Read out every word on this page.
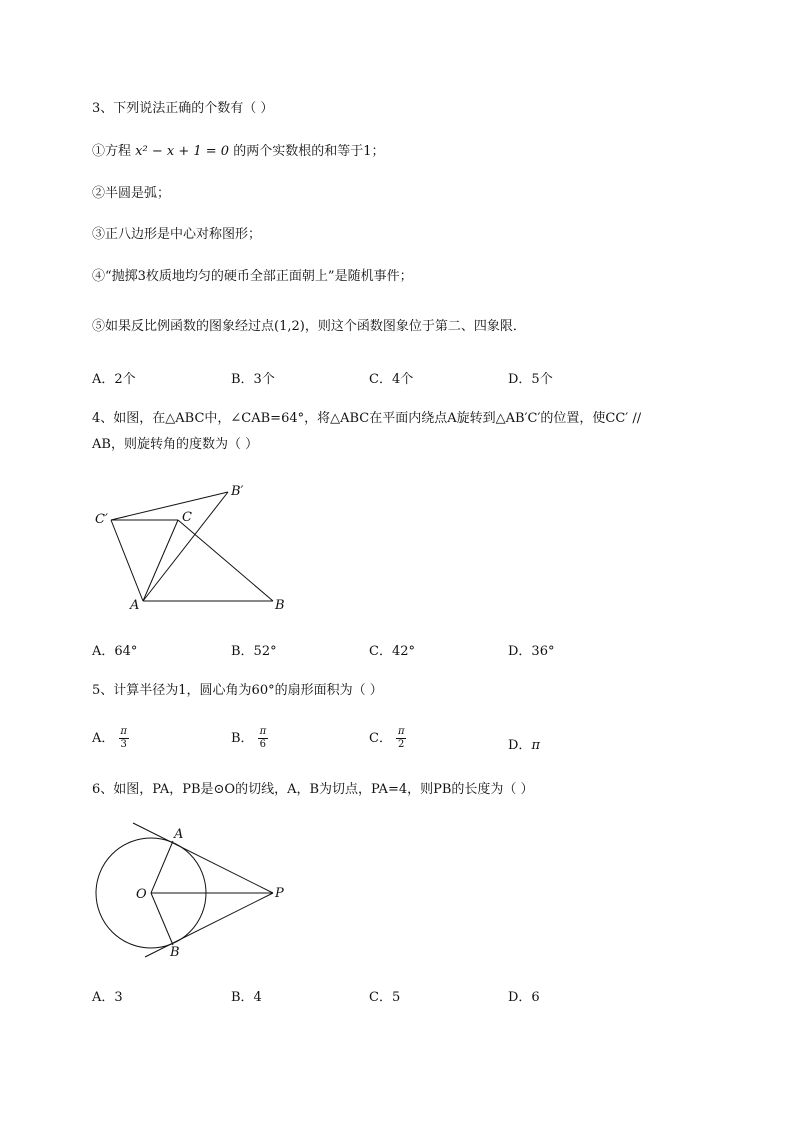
3、下列说法正确的个数有（ ）
①方程 x² − x + 1 = 0 的两个实数根的和等于1；
②半圆是弧；
③正八边形是中心对称图形；
④“抛掷3枚质地均匀的硬币全部正面朝上”是随机事件；
⑤如果反比例函数的图象经过点(1,2)，则这个函数图象位于第二、四象限．
A．2个	B．3个	C．4个	D．5个
4、如图，在△ABC中，∠CAB=64°，将△ABC在平面内绕点A旋转到△AB′C′的位置，使CC′ //
AB，则旋转角的度数为（ ）
C′	C
B′
A	B
A．64°	B．52°	C．42°	D．36°
5、计算半径为1，圆心角为60°的扇形面积为（ ）
A． $\frac{\pi}{3}$	B． $\frac{\pi}{6}$	C． $\frac{\pi}{2}$	D．π
6、如图，PA，PB是⊙O的切线，A，B为切点，PA=4，则PB的长度为（ ）
A
B
O	P
A．3	B．4	C．5	D．6
